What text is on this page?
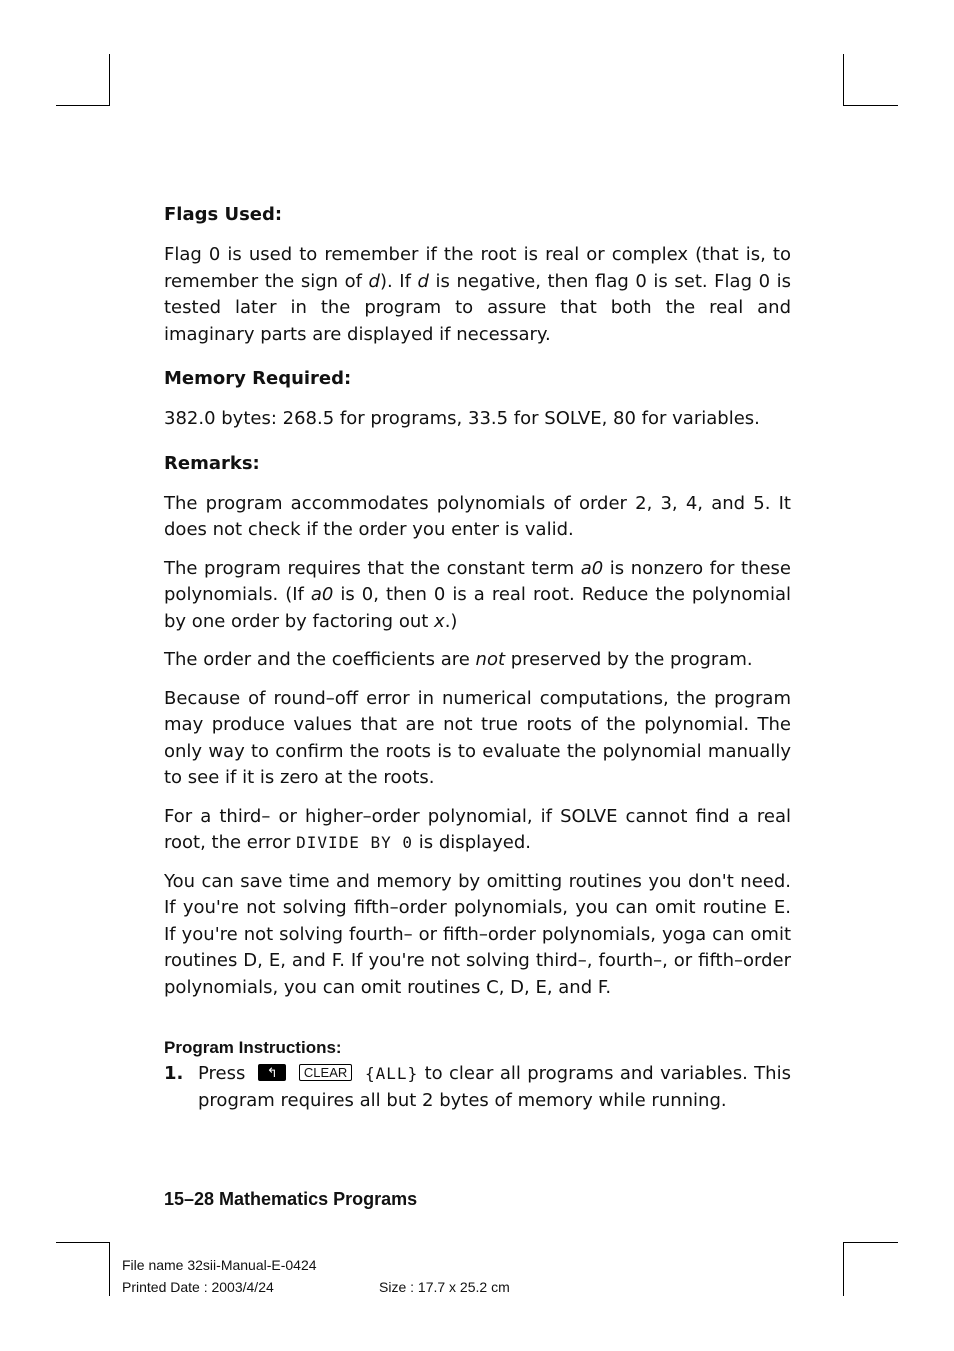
Flags Used:

Flag 0 is used to remember if the root is real or complex (that is, to remember the sign of d). If d is negative, then flag 0 is set. Flag 0 is tested later in the program to assure that both the real and imaginary parts are displayed if necessary.

Memory Required:

382.0 bytes: 268.5 for programs, 33.5 for SOLVE, 80 for variables.

Remarks:

The program accommodates polynomials of order 2, 3, 4, and 5. It does not check if the order you enter is valid.

The program requires that the constant term a0 is nonzero for these polynomials. (If a0 is 0, then 0 is a real root. Reduce the polynomial by one order by factoring out x.)

The order and the coefficients are not preserved by the program.

Because of round–off error in numerical computations, the program may produce values that are not true roots of the polynomial. The only way to confirm the roots is to evaluate the polynomial manually to see if it is zero at the roots.

For a third– or higher–order polynomial, if SOLVE cannot find a real root, the error DIVIDE BY 0 is displayed.

You can save time and memory by omitting routines you don't need. If you're not solving fifth–order polynomials, you can omit routine E. If you're not solving fourth– or fifth–order polynomials, yoga can omit routines D, E, and F. If you're not solving third–, fourth–, or fifth–order polynomials, you can omit routines C, D, E, and F.

Program Instructions:
1. Press ↰ CLEAR {ALL} to clear all programs and variables. This program requires all but 2 bytes of memory while running.

15–28 Mathematics Programs
File name 32sii-Manual-E-0424
Printed Date : 2003/4/24	Size : 17.7 x 25.2 cm
